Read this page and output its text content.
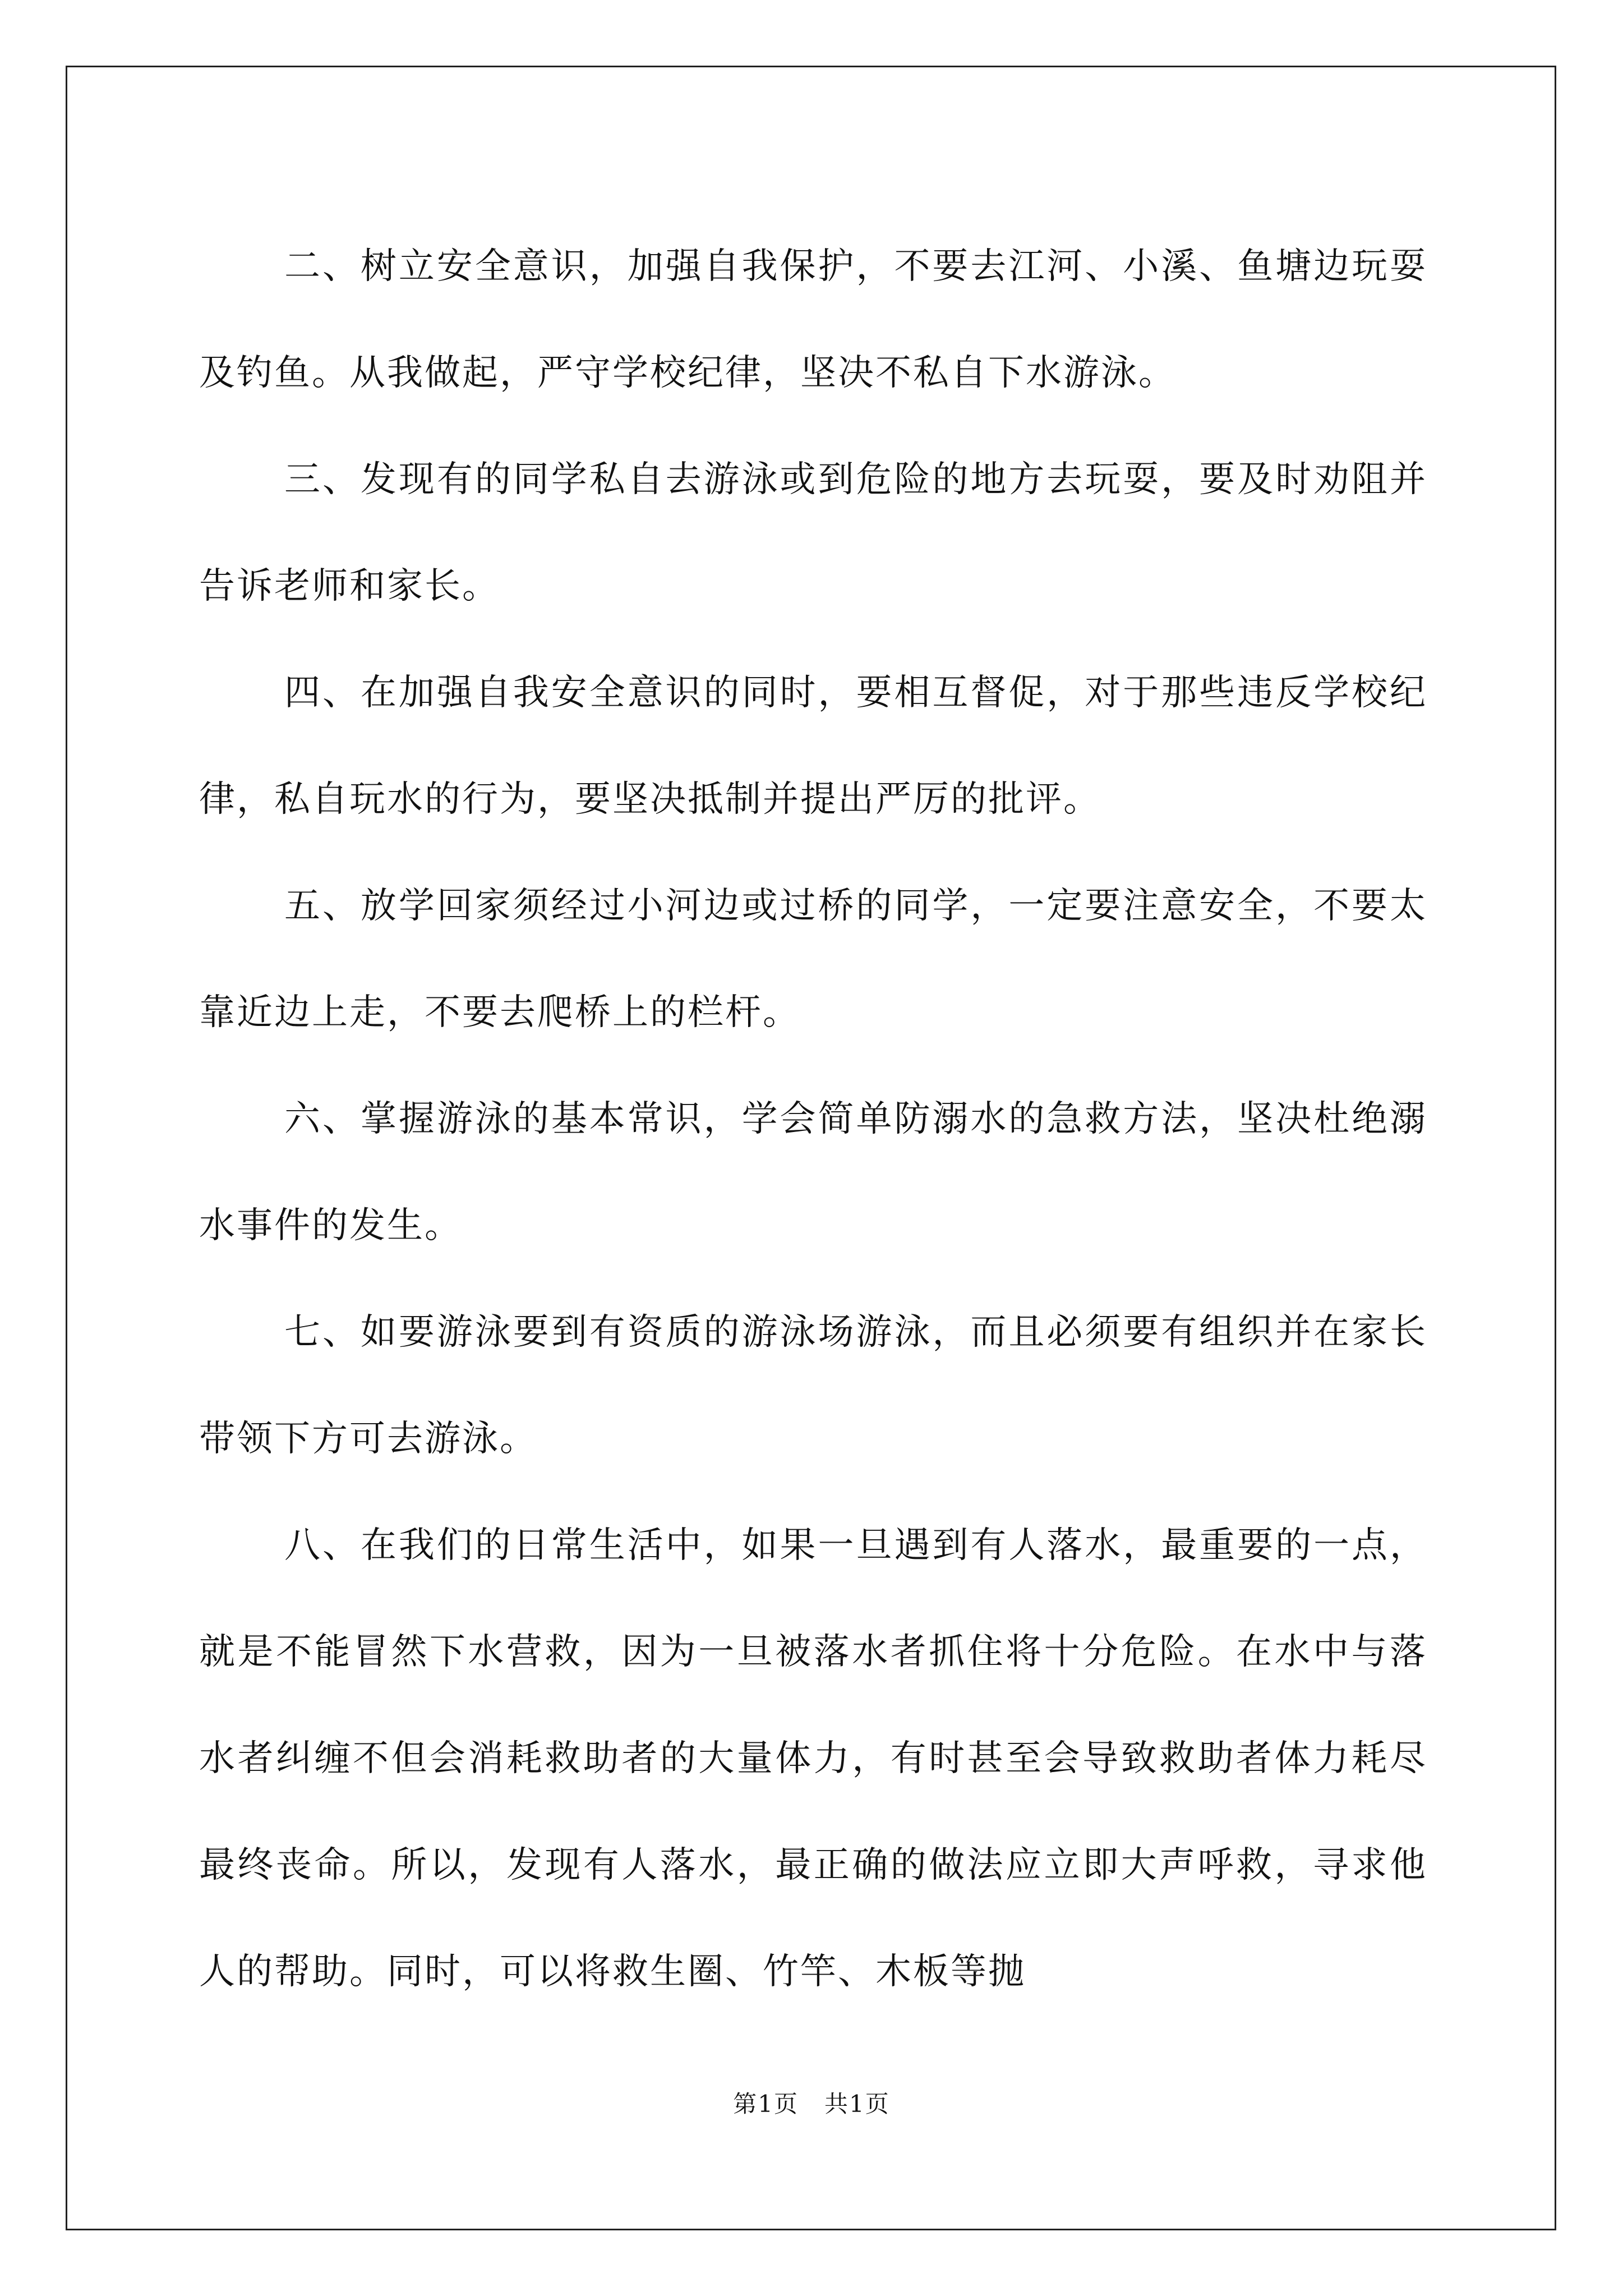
二、树立安全意识，加强自我保护，不要去江河、小溪、鱼塘边玩耍及钓鱼。从我做起，严守学校纪律，坚决不私自下水游泳。

三、发现有的同学私自去游泳或到危险的地方去玩耍，要及时劝阻并告诉老师和家长。

四、在加强自我安全意识的同时，要相互督促，对于那些违反学校纪律，私自玩水的行为，要坚决抵制并提出严厉的批评。

五、放学回家须经过小河边或过桥的同学，一定要注意安全，不要太靠近边上走，不要去爬桥上的栏杆。

六、掌握游泳的基本常识，学会简单防溺水的急救方法，坚决杜绝溺水事件的发生。

七、如要游泳要到有资质的游泳场游泳，而且必须要有组织并在家长带领下方可去游泳。

八、在我们的日常生活中，如果一旦遇到有人落水，最重要的一点，就是不能冒然下水营救，因为一旦被落水者抓住将十分危险。在水中与落水者纠缠不但会消耗救助者的大量体力，有时甚至会导致救助者体力耗尽最终丧命。所以，发现有人落水，最正确的做法应立即大声呼救，寻求他人的帮助。同时，可以将救生圈、竹竿、木板等抛

第1页 共1页
